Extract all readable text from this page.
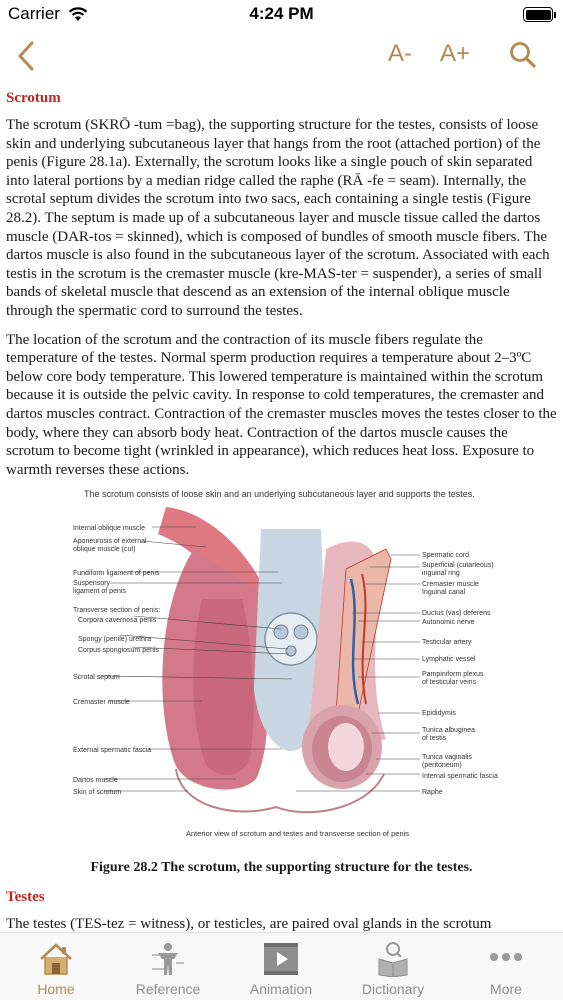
Carrier	4:24 PM
A- A+
Scrotum

The scrotum (SKRŌ -tum =bag), the supporting structure for the testes, consists of loose skin and underlying subcutaneous layer that hangs from the root (attached portion) of the penis (Figure 28.1a). Externally, the scrotum looks like a single pouch of skin separated into lateral portions by a median ridge called the raphe (RĀ -fe = seam). Internally, the scrotal septum divides the scrotum into two sacs, each containing a single testis (Figure 28.2). The septum is made up of a subcutaneous layer and muscle tissue called the dartos muscle (DAR-tos = skinned), which is composed of bundles of smooth muscle fibers. The dartos muscle is also found in the subcutaneous layer of the scrotum. Associated with each testis in the scrotum is the cremaster muscle (kre-MAS-ter = suspender), a series of small bands of skeletal muscle that descend as an extension of the internal oblique muscle through the spermatic cord to surround the testes.

The location of the scrotum and the contraction of its muscle fibers regulate the temperature of the testes. Normal sperm production requires a temperature about 2–3ºC below core body temperature. This lowered temperature is maintained within the scrotum because it is outside the pelvic cavity. In response to cold temperatures, the cremaster and dartos muscles contract. Contraction of the cremaster muscles moves the testes closer to the body, where they can absorb body heat. Contraction of the dartos muscle causes the scrotum to become tight (wrinkled in appearance), which reduces heat loss. Exposure to warmth reverses these actions.

The scrotum consists of loose skin and an underlying subcutaneous layer and supports the testes.
Internal oblique muscle
Aponeurosis of external
oblique muscle (cut)
Fundiform ligament of penis
Suspensory
ligament of penis
Transverse section of penis:
Corpora cavernosa penis
Spongy (penile) urethra
Corpus spongiosum penis
Scrotal septum
Cremaster muscle
External spermatic fascia
Dartos muscle
Skin of scrotum
Spermatic cord
Superficial (cutaneous)
inguinal ring
Cremaster muscle
Inguinal canal
Ductus (vas) deferens
Autonomic nerve
Testicular artery
Lymphatic vessel
Pampiniform plexus
of testicular veins
Epididymis
Tunica albuginea
of testis
Tunica vaginalis
(peritoneum)
Internal spermatic fascia
Raphe
Anterior view of scrotum and testes and transverse section of penis
Figure 28.2 The scrotum, the supporting structure for the testes.
Testes

The testes (TES-tez = witness), or testicles, are paired oval glands in the scrotum

Home	Reference	Animation	Dictionary	More
